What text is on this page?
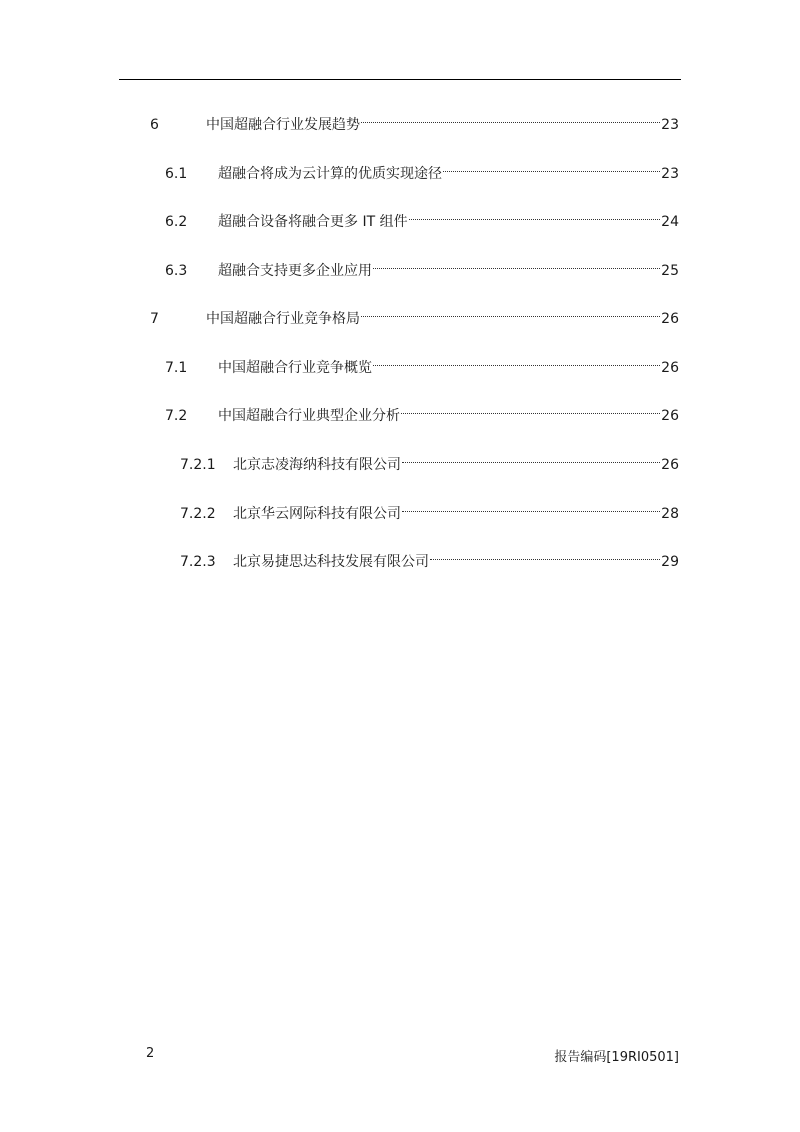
6	中国超融合行业发展趋势	23
6.1	超融合将成为云计算的优质实现途径	23
6.2	超融合设备将融合更多 IT 组件	24
6.3	超融合支持更多企业应用	25
7	中国超融合行业竞争格局	26
7.1	中国超融合行业竞争概览	26
7.2	中国超融合行业典型企业分析	26
7.2.1	北京志凌海纳科技有限公司	26
7.2.2	北京华云网际科技有限公司	28
7.2.3	北京易捷思达科技发展有限公司	29
2	报告编码[19RI0501]
